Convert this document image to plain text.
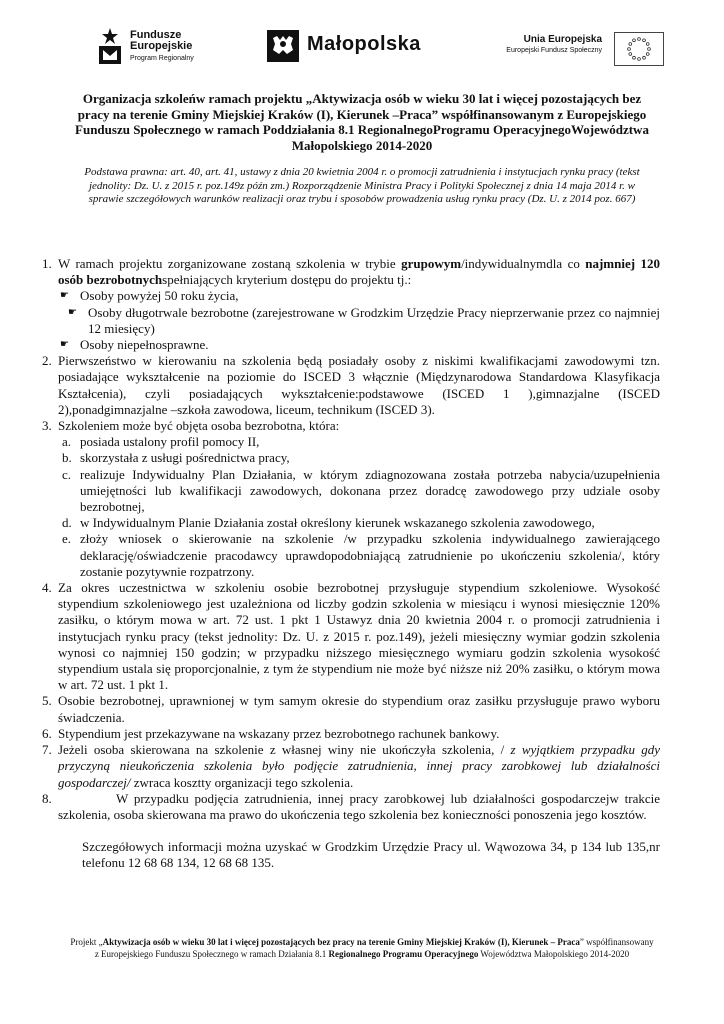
Fundusze
Europejskie
Program Regionalny
Małopolska	Unia Europejska
Europejski Fundusz Społeczny
Organizacja szkoleńw ramach projektu „Aktywizacja osób w wieku 30 lat i więcej pozostających bez pracy na terenie Gminy Miejskiej Kraków (I), Kierunek –Praca” współfinansowanym z Europejskiego Funduszu Społecznego w ramach Poddziałania 8.1 RegionalnegoProgramu OperacyjnegoWojewództwa Małopolskiego 2014-2020
Podstawa prawna: art. 40, art. 41, ustawy z dnia 20 kwietnia 2004 r. o promocji zatrudnienia i instytucjach rynku pracy (tekst jednolity: Dz. U. z 2015 r. poz.149z późn zm.) Rozporządzenie Ministra Pracy i Polityki Społecznej z dnia 14 maja 2014 r. w sprawie szczegółowych warunków realizacji oraz trybu i sposobów prowadzenia usług rynku pracy (Dz. U. z 2014 poz. 667)
1. W ramach projektu zorganizowane zostaną szkolenia w trybie grupowym/indywidualnymdla co najmniej 120 osób bezrobotnychspełniających kryterium dostępu do projektu tj.:
☛ Osoby powyżej 50 roku życia,
☛ Osoby długotrwale bezrobotne (zarejestrowane w Grodzkim Urzędzie Pracy nieprzerwanie przez co najmniej 12 miesięcy)
☛ Osoby niepełnosprawne.
2. Pierwszeństwo w kierowaniu na szkolenia będą posiadały osoby z niskimi kwalifikacjami zawodowymi tzn. posiadające wykształcenie na poziomie do ISCED 3 włącznie (Międzynarodowa Standardowa Klasyfikacja Kształcenia), czyli posiadających wykształcenie:podstawowe (ISCED 1 ),gimnazjalne (ISCED 2),ponadgimnazjalne –szkoła zawodowa, liceum, technikum (ISCED 3).
3. Szkoleniem może być objęta osoba bezrobotna, która:
a. posiada ustalony profil pomocy II,
b. skorzystała z usługi pośrednictwa pracy,
c. realizuje Indywidualny Plan Działania, w którym zdiagnozowana została potrzeba nabycia/uzupełnienia umiejętności lub kwalifikacji zawodowych, dokonana przez doradcę zawodowego przy udziale osoby bezrobotnej,
d. w Indywidualnym Planie Działania został określony kierunek wskazanego szkolenia zawodowego,
e. złoży wniosek o skierowanie na szkolenie /w przypadku szkolenia indywidualnego zawierającego deklarację/oświadczenie pracodawcy uprawdopodobniającą zatrudnienie po ukończeniu szkolenia/, który zostanie pozytywnie rozpatrzony.
4. Za okres uczestnictwa w szkoleniu osobie bezrobotnej przysługuje stypendium szkoleniowe. Wysokość stypendium szkoleniowego jest uzależniona od liczby godzin szkolenia w miesiącu i wynosi miesięcznie 120% zasiłku, o którym mowa w art. 72 ust. 1 pkt 1 Ustawyz dnia 20 kwietnia 2004 r. o promocji zatrudnienia i instytucjach rynku pracy (tekst jednolity: Dz. U. z 2015 r. poz.149), jeżeli miesięczny wymiar godzin szkolenia wynosi co najmniej 150 godzin; w przypadku niższego miesięcznego wymiaru godzin szkolenia wysokość stypendium ustala się proporcjonalnie, z tym że stypendium nie może być niższe niż 20% zasiłku, o którym mowa w art. 72 ust. 1 pkt 1.
5. Osobie bezrobotnej, uprawnionej w tym samym okresie do stypendium oraz zasiłku przysługuje prawo wyboru świadczenia.
6. Stypendium jest przekazywane na wskazany przez bezrobotnego rachunek bankowy.
7. Jeżeli osoba skierowana na szkolenie z własnej winy nie ukończyła szkolenia, / z wyjątkiem przypadku gdy przyczyną nieukończenia szkolenia było podjęcie zatrudnienia, innej pracy zarobkowej lub działalności gospodarczej/ zwraca kosztty organizacji tego szkolenia.
8.	W przypadku podjęcia zatrudnienia, innej pracy zarobkowej lub działalności gospodarczejw trakcie szkolenia, osoba skierowana ma prawo do ukończenia tego szkolenia bez konieczności ponoszenia jego kosztów.
Szczegółowych informacji można uzyskać w Grodzkim Urzędzie Pracy ul. Wąwozowa 34, p 134 lub 135,nr telefonu 12 68 68 134, 12 68 68 135.
Projekt „Aktywizacja osób w wieku 30 lat i więcej pozostających bez pracy na terenie Gminy Miejskiej Kraków (I), Kierunek – Praca” współfinansowany z Europejskiego Funduszu Społecznego w ramach Działania 8.1 Regionalnego Programu Operacyjnego Województwa Małopolskiego 2014-2020
